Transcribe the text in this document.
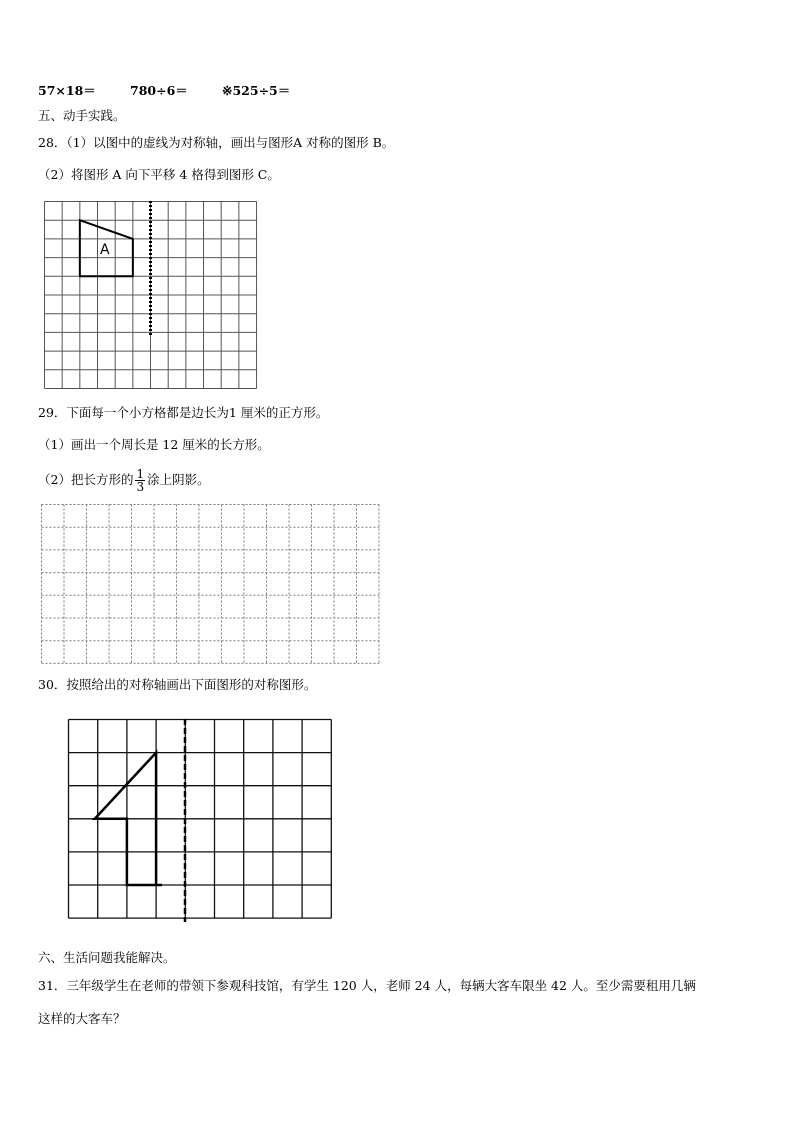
57×18＝	780÷6＝	※525÷5＝
五、动手实践。
28．（1）以图中的虚线为对称轴，画出与图形A 对称的图形 B。
（2）将图形 A 向下平移 4 格得到图形 C。
A
29．下面每一个小方格都是边长为1 厘米的正方形。
（1）画出一个周长是 12 厘米的长方形。
（2）把长方形的 $\frac{1}{3}$ 涂上阴影。
30．按照给出的对称轴画出下面图形的对称图形。
六、生活问题我能解决。
31．三年级学生在老师的带领下参观科技馆，有学生 120 人，老师 24 人，每辆大客车限坐 42 人。至少需要租用几辆
这样的大客车？
